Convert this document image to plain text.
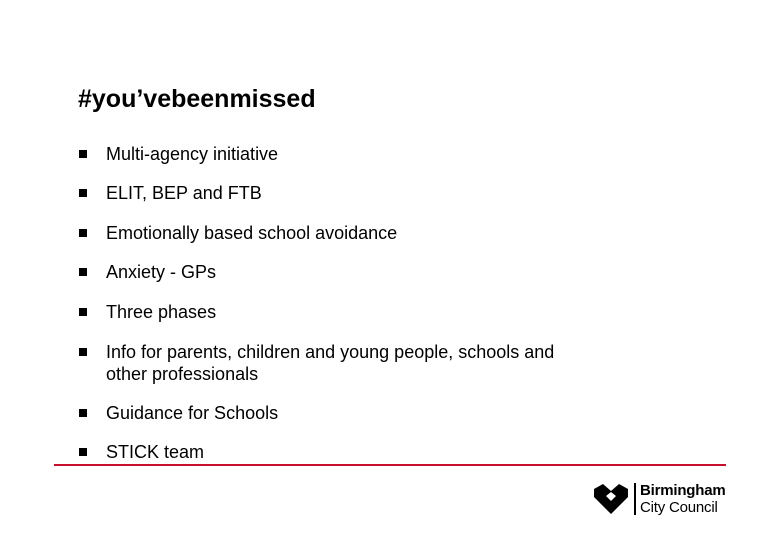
#you’vebeenmissed
Multi-agency initiative
ELIT, BEP and FTB
Emotionally based school avoidance
Anxiety - GPs
Three phases
Info for parents, children and young people, schools and
other professionals
Guidance for Schools
STICK team
Birmingham
City Council
